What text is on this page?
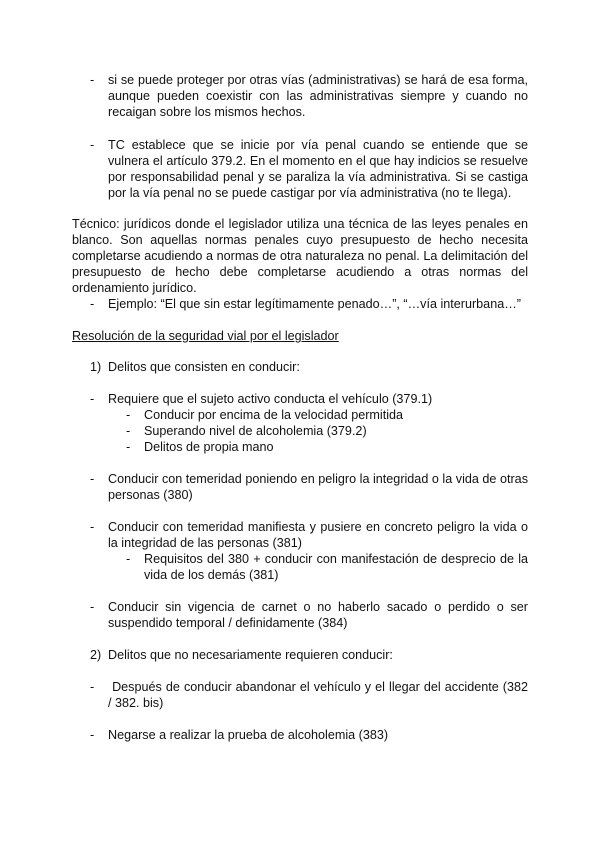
- si se puede proteger por otras vías (administrativas) se hará de esa forma, aunque pueden coexistir con las administrativas siempre y cuando no recaigan sobre los mismos hechos.
- TC establece que se inicie por vía penal cuando se entiende que se vulnera el artículo 379.2. En el momento en el que hay indicios se resuelve por responsabilidad penal y se paraliza la vía administrativa. Si se castiga por la vía penal no se puede castigar por vía administrativa (no te llega).
Técnico: jurídicos donde el legislador utiliza una técnica de las leyes penales en blanco. Son aquellas normas penales cuyo presupuesto de hecho necesita completarse acudiendo a normas de otra naturaleza no penal. La delimitación del presupuesto de hecho debe completarse acudiendo a otras normas del ordenamiento jurídico.
- Ejemplo: “El que sin estar legítimamente penado…”, “…vía interurbana…”
Resolución de la seguridad vial por el legislador
1) Delitos que consisten en conducir:
- Requiere que el sujeto activo conducta el vehículo (379.1)
- Conducir por encima de la velocidad permitida
- Superando nivel de alcoholemia (379.2)
- Delitos de propia mano
- Conducir con temeridad poniendo en peligro la integridad o la vida de otras personas (380)
- Conducir con temeridad manifiesta y pusiere en concreto peligro la vida o la integridad de las personas (381)
- Requisitos del 380 + conducir con manifestación de desprecio de la vida de los demás (381)
- Conducir sin vigencia de carnet o no haberlo sacado o perdido o ser suspendido temporal / definidamente (384)
2) Delitos que no necesariamente requieren conducir:
- Después de conducir abandonar el vehículo y el llegar del accidente (382 / 382. bis)
- Negarse a realizar la prueba de alcoholemia (383)
